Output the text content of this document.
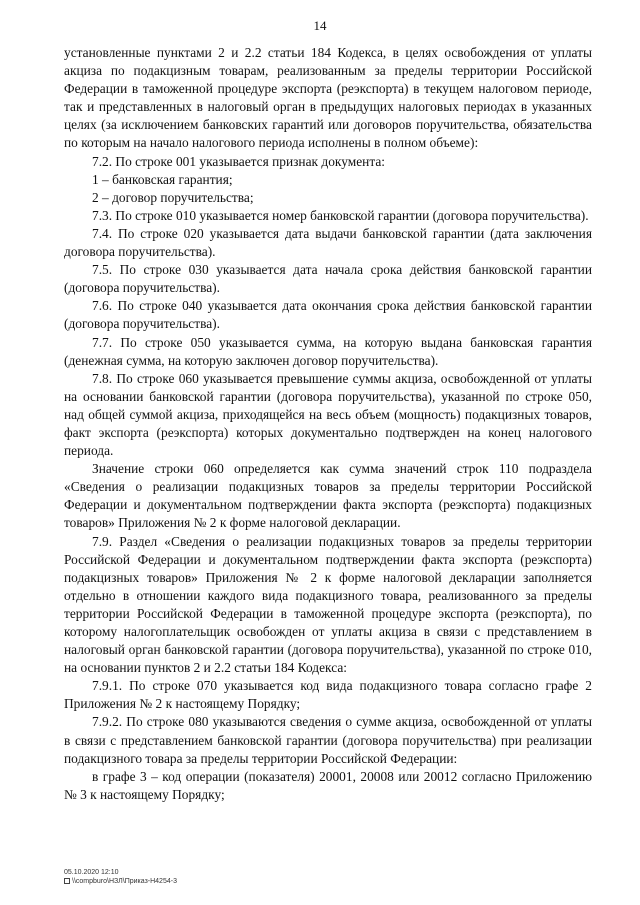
14

установленные пунктами 2 и 2.2 статьи 184 Кодекса, в целях освобождения от уплаты акциза по подакцизным товарам, реализованным за пределы территории Российской Федерации в таможенной процедуре экспорта (реэкспорта) в текущем налоговом периоде, так и представленных в налоговый орган в предыдущих налоговых периодах в указанных целях (за исключением банковских гарантий или договоров поручительства, обязательства по которым на начало налогового периода исполнены в полном объеме):

7.2. По строке 001 указывается признак документа:

1 – банковская гарантия;

2 – договор поручительства;

7.3. По строке 010 указывается номер банковской гарантии (договора поручительства).

7.4. По строке 020 указывается дата выдачи банковской гарантии (дата заключения договора поручительства).

7.5. По строке 030 указывается дата начала срока действия банковской гарантии (договора поручительства).

7.6. По строке 040 указывается дата окончания срока действия банковской гарантии (договора поручительства).

7.7. По строке 050 указывается сумма, на которую выдана банковская гарантия (денежная сумма, на которую заключен договор поручительства).

7.8. По строке 060 указывается превышение суммы акциза, освобожденной от уплаты на основании банковской гарантии (договора поручительства), указанной по строке 050, над общей суммой акциза, приходящейся на весь объем (мощность) подакцизных товаров, факт экспорта (реэкспорта) которых документально подтвержден на конец налогового периода.

Значение строки 060 определяется как сумма значений строк 110 подраздела «Сведения о реализации подакцизных товаров за пределы территории Российской Федерации и документальном подтверждении факта экспорта (реэкспорта) подакцизных товаров» Приложения № 2 к форме налоговой декларации.

7.9. Раздел «Сведения о реализации подакцизных товаров за пределы территории Российской Федерации и документальном подтверждении факта экспорта (реэкспорта) подакцизных товаров» Приложения № 2 к форме налоговой декларации заполняется отдельно в отношении каждого вида подакцизного товара, реализованного за пределы территории Российской Федерации в таможенной процедуре экспорта (реэкспорта), по которому налогоплательщик освобожден от уплаты акциза в связи с представлением в налоговый орган банковской гарантии (договора поручительства), указанной по строке 010, на основании пунктов 2 и 2.2 статьи 184 Кодекса:

7.9.1. По строке 070 указывается код вида подакцизного товара согласно графе 2 Приложения № 2 к настоящему Порядку;

7.9.2. По строке 080 указываются сведения о сумме акциза, освобожденной от уплаты в связи с представлением банковской гарантии (договора поручительства) при реализации подакцизного товара за пределы территории Российской Федерации:

в графе 3 – код операции (показателя) 20001, 20008 или 20012 согласно Приложению № 3 к настоящему Порядку;

05.10.2020 12:10
\\compburo\НЗЛ\Приказ-Н4254-3
